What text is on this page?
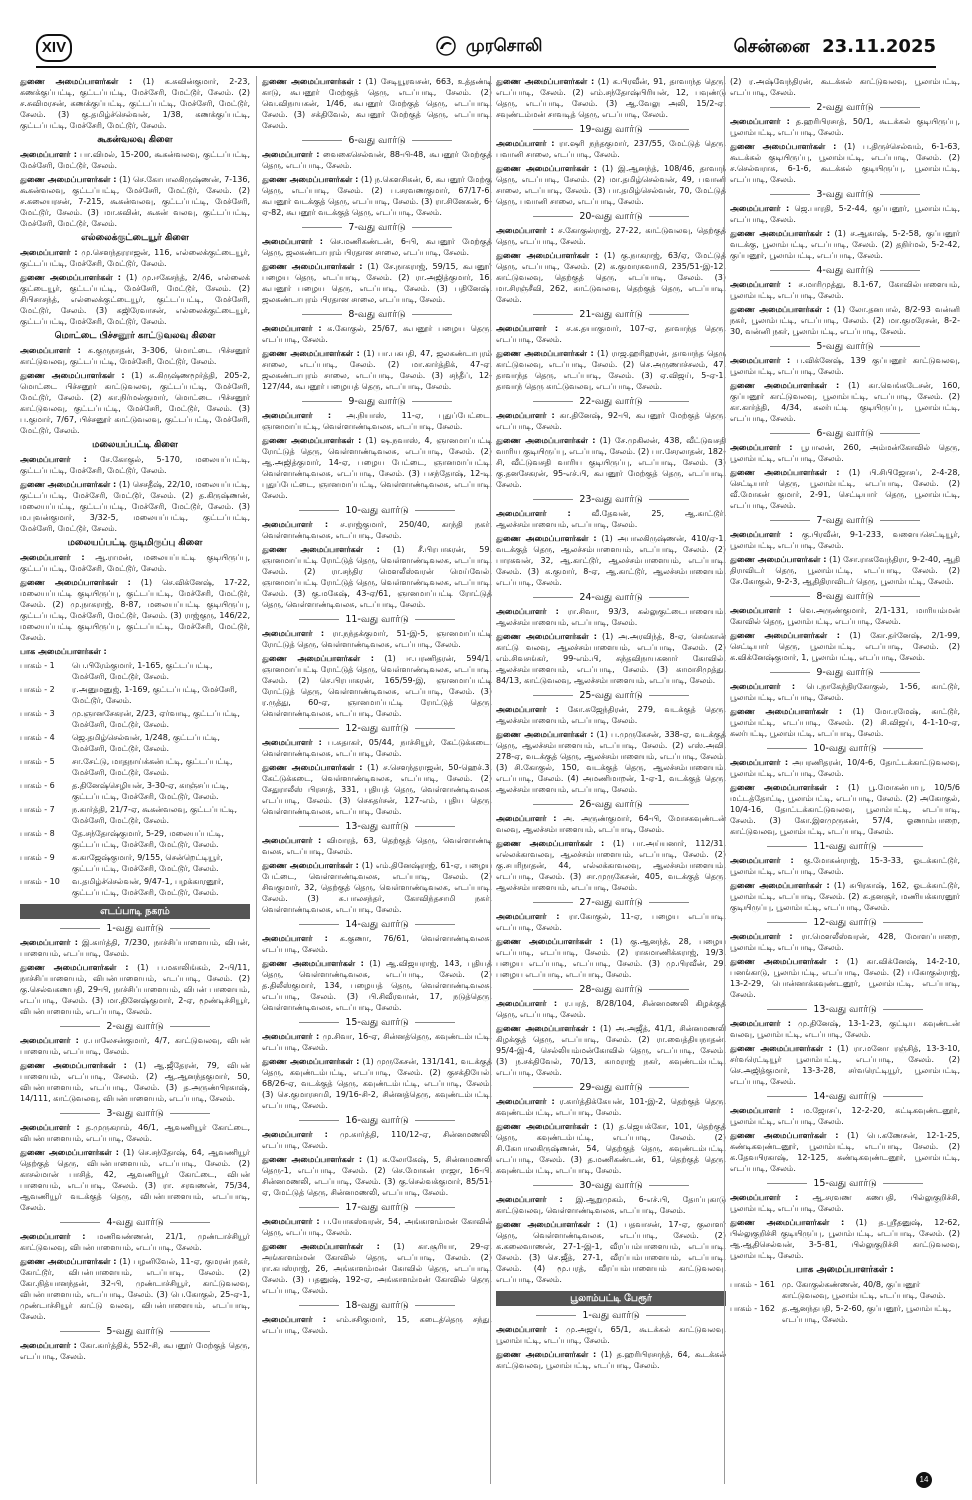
XIV	முரசொலி	சென்னை 23.11.2025

துணை அமைப்பாளர்கள் : (1) க.சுவின்குமார், 2-23, கணக்குப்பட்டி, குட்டப்பட்டி, மேச்சேரி, மேட்டூர், சேலம். (2) ச.சுவிமரசன், கணக்குப்பட்டி, குட்டப்பட்டி, மேச்சேரி, மேட்டூர், சேலம். (3) கு.தமிழ்ச்செல்வன், 1/38, கணக்குப்பட்டி, குட்டப்பட்டி, மேச்சேரி, மேட்டூர், சேலம்.

கூகன்வலவு கிளை

அமைப்பாளர் : பா.விமல், 15-200, கூகன்வலவு, குட்டப்பட்டி, மேச்சேரி, மேட்டூர், சேலம்.

துணை அமைப்பாளர்கள் : (1) செ.கோபாலகிருஷ்ணன், 7-136, கூகன்வலவு, குட்டப்பட்டி, மேச்சேரி, மேட்டூர், சேலம். (2) ச.கலையரசன், 7-215, கூகன்வலவு, குட்டப்பட்டி, மேச்சேரி, மேட்டூர், சேலம். (3) மா.கவின், கூகன் வலவு, குட்டப்பட்டி, மேச்சேரி, மேட்டூர், சேலம்.

எல்லைக்குட்டையூர் கிளை

அமைப்பாளர் : மு.செளந்தரராஜன், 116, எல்லைக்குட்டையூர், குட்டப்பட்டி, மேச்சேரி, மேட்டூர், சேலம்.

துணை அமைப்பாளர்கள் : (1) மு.ஈகேசந்த், 2/46, எல்லைக் குட்டையூர், குட்டப்பட்டி, மேச்சேரி, மேட்டூர், சேலம். (2) சிபிசாசந்த், எல்லைக்குட்டையூர், குட்டப்பட்டி, மேச்சேரி, மேட்டூர், சேலம். (3) சுஜிரேவாசன், எல்லைக்குட்டையூர், குட்டப்பட்டி, மேச்சேரி, மேட்டூர், சேலம்.

மொட்டை பிச்சனூர் காட்டுவலவு கிளை

அமைப்பாளர் : சு.குருநாதன், 3-306, மொட்டை பிச்சனூர் காட்டுவலவு, குட்டப்பட்டி, மேச்சேரி, மேட்டூர், சேலம்.

துணை அமைப்பாளர்கள் : (1) சு.கிருஷ்ணமூர்த்தி, 205-2, மொட்டை பிச்சனூர் காட்டுவலவு, குட்டப்பட்டி, மேச்சேரி, மேட்டூர், சேலம். (2) கா.நிர்மல்குமார், மொட்டை பிச்சனூர் காட்டுவலவு, குட்டப்பட்டி, மேச்சேரி, மேட்டூர், சேலம். (3) ப.குமார், 7/67, பிச்சனூர் காட்டுவலவு, குட்டப்பட்டி, மேச்சேரி, மேட்டூர், சேலம்.

மலையப்பட்டி கிளை

அமைப்பாளர் : சே.கோகுல், 5-170, மலையப்பட்டி, குட்டப்பட்டி, மேச்சேரி, மேட்டூர், சேலம்.

துணை அமைப்பாளர்கள் : (1) செசதீஷ், 22/10, மலையப்பட்டி, குட்டப்பட்டி, மேச்சேரி, மேட்டூர், சேலம். (2) த.கிருஷ்ணன், மலையப்பட்டி, குட்டப்பட்டி, மேச்சேரி, மேட்டூர், சேலம். (3) ம.புவன்குமார், 3/32-5, மலையப்பட்டி, குட்டப்பட்டி, மேச்சேரி, மேட்டூர், சேலம்.

மலையப்பட்டி குடிமிருப்பு கிளை

அமைப்பாளர் : ஆ.ராமன், மலையப்பட்டி குடியிருப்பு, குட்டப்பட்டி, மேச்சேரி, மேட்டூர், சேலம்.

துணை அமைப்பாளர்கள் : (1) செ.விக்னேஷ், 17-22, மலையப்பட்டி குடியிருப்பு, குட்டப்பட்டி, மேச்சேரி, மேட்டூர், சேலம். (2) மு.நாகராஜ், 8-87, மலையப்பட்டி குடியிருப்பு, குட்டப்பட்டி, மேச்சேரி, மேட்டூர், சேலம். (3) ராஜ்குரு, 146/22, மலையப்பட்டி குடியிருப்பு, குட்டப்பட்டி, மேச்சேரி, மேட்டூர், சேலம்.

பாக அமைப்பாளர்கள் :

பாகம் - 1	பெ.பிரேம்குமார், 1-165, குட்டப்பட்டி, மேச்சேரி, மேட்டூர், சேலம்.
பாகம் - 2	ர.அனுமனுஜ், 1-169, குட்டப்பட்டி, மேச்சேரி, மேட்டூர், சேலம்.
பாகம் - 3	மு.ஞானசேகரன், 2/23, ஏர்வாடி, குட்டப்பட்டி, மேச்சேரி, மேட்டூர், சேலம்.
பாகம் - 4	ஜெ.தமிழ்செல்வன், 1/248, குட்டப்பட்டி, மேச்சேரி, மேட்டூர், சேலம்.
பாகம் - 5	சா.சேட்டு, மாதநாய்க்கன்பட்டி, குட்டப்பட்டி, மேச்சேரி, மேட்டூர், சேலம்.
பாகம் - 6	த.தினேஷ்செழியன், 3-30-ஏ, காஞ்சப்பட்டி, குட்டப்பட்டி, மேச்சேரி, மேட்டூர், சேலம்.
பாகம் - 7	ந.கார்த்தி, 21/7-ஏ, கூகன்வலவு, குட்டப்பட்டி, மேச்சேரி, மேட்டூர், சேலம்.
பாகம் - 8	தே.சந்தோஷ்குமார், 5-29, மலையப்பட்டி, குட்டப்பட்டி, மேச்சேரி, மேட்டூர், சேலம்.
பாகம் - 9	க.காஜேஷ்குமார், 9/155, சென்றெட்டியூர், குட்டப்பட்டி, மேச்சேரி, மேட்டூர், சேலம்.
பாகம் - 10	வ.தமிழ்ச்செல்வன், 9/47-1, பழக்காரனூர், குட்டப்பட்டி, மேச்சேரி, மேட்டூர், சேலம்.
எடப்பாடி நகரம்
1-வது வார்டு

அமைப்பாளர் : இ.கார்த்தி, 7/230, நாச்சிப்பாளையம், விபன், பாளையம், எடப்பாடி, சேலம்.

துணை அமைப்பாளர்கள் : (1) ப.மகாலிங்கம், 2-பி/11, நாச்சிப்பாளையம், விபன்பாளையம், எடப்பாடி, சேலம். (2) கு.செல்வகணபதி, 29-பி, நாச்சிப்பாளையம், விபன் பாளையம், எடப்பாடி, சேலம். (3) மா.தினேஷ்குமார், 2-ஏ, மூண்டிச்சியூர், விபன்பாளையம், எடப்பாடி, சேலம்.

2-வது வார்டு

அமைப்பாளர் : ர.பாலேசன்குமார், 4/7, காட்டுவலவு, விபன் பாளையம், எடப்பாடி, சேலம்.

துணை அமைப்பாளர்கள் : (1) ஆ.ஜீதேரன், 79, விபன் பாளையம், எடப்பாடி, சேலம். (2) ஆ.ஆனந்தகுமார், 50, விபன்பாளையம், எடப்பாடி, சேலம். (3) த.அருண்பிரகாஷ், 14/111, காட்டுவலவு, விபன்பாளையம், எடப்பாடி, சேலம்.

3-வது வார்டு

அமைப்பாளர் : த.முருகராம், 46/1, ஆவணியூர் கோட்டை, விபன்பாளையம், எடப்பாடி, சேலம்.

துணை அமைப்பாளர்கள் : (1) செ.சந்தோஷ், 64, ஆவணியூர் தெற்குத் தெரு, விபன்பாளையம், எடப்பாடி, சேலம். (2) காசல்மான் பாசித், 42, ஆவணியூர் கோட்டை, விபன் பாளையம், எடப்பாடி, சேலம். (3) ரா. சரவணன், 75/34, ஆவணியூர் வடக்குத் தெரு, விபன்பாளையம், எடப்பாடி, சேலம்.

4-வது வார்டு

அமைப்பாளர் : மணிவண்ணன், 21/1, முண்டாச்சியூர் காட்டுவலவு, விபன்பாளையம், எடப்பாடி, சேலம்.

துணை அமைப்பாளர்கள் : (1) பழனிவேல், 11-ஏ, குமரன் நகர், கோட்டூர், விபன்பாளையம், எடப்பாடி, சேலம். (2) கோ.நித்யானந்தன், 32-பி, முண்டாச்சியூர், காட்டுவலவு, விபன்பாளையம், எடப்பாடி, சேலம். (3) பெ.கோகுல், 25-ஏ-1, முண்டாச்சியூர் காட்டு வலவு, விபன்பாளையம், எடப்பாடி, சேலம்.

5-வது வார்டு

அமைப்பாளர் : கோ.கார்த்திக், 552-சி, கூபனூர் மேற்குத் தெரு, எடப்பாடி, சேலம்.

துணை அமைப்பாளர்கள் : (1) சேடியூரவசன், 663, உத்தண்டி காடு, கூபனூர் மேற்குத் தெரு, எடப்பாடி, சேலம். (2) வெ.விநாயகன், 1/46, கூபனூர் மேற்குத் தெரு, எடப்பாடி, சேலம். (3) சக்திவேல், கூபனூர் மேற்குத் தெரு, எடப்பாடி, சேலம்.

6-வது வார்டு

அமைப்பாளர் : வைகைசெல்வன், 88-பி-48, கூபனூர் மேற்குத் தெரு, எடப்பாடி, சேலம்.

துணை அமைப்பாளர்கள் : (1) ந.கௌசிகன், 6, கூபனூர் மேற்கு தெரு, எடப்பாடி, சேலம். (2) ப.சரவணகுமார், 67/17-6, கூபனூர் வடக்குத் தெரு, எடப்பாடி, சேலம். (3) ரா.சினேகன், 6-ஏ-82, கூபனூர் வடக்குத் தெரு, எடப்பாடி, சேலம்.

7-வது வார்டு

அமைப்பாளர் : செ.மணிகண்டன், 6-பி, கூபனூர் மேற்குத் தெரு, ஜலகண்டாபுரம் பிரதான சாலை, எடப்பாடி, சேலம்.

துணை அமைப்பாளர்கள் : (1) சே.நாகராஜ், 59/15, கூபனூர் பழைய தெரு, எடப்பாடி, சேலம். (2) ரா.அஜித்குமார், 16, கூபனூர் பழைய தெரு, எடப்பாடி, சேலம். (3) பதினேஷ், ஜலகண்டாபுரம் பிரதான சாலை, எடப்பாடி, சேலம்.

8-வது வார்டு

அமைப்பாளர் : க.கோகுல், 25/67, கூபனூர் பழைய தெரு, எடப்பாடி, சேலம்.

துணை அமைப்பாளர்கள் : (1) பா.பசுபதி, 47, ஜலகண்டாபுரம் சாலை, எடப்பாடி, சேலம். (2) மா.கார்த்திக், 47-ஏ, ஜலகண்டாபுரம் சாலை, எடப்பாடி, சேலம். (3) சந்தீப், 12-127/44, கூபனூர் பழையத் தெரு, எடப்பாடி, சேலம்.

9-வது வார்டு

அமைப்பாளர் : அ.நியாஸ், 11-ஏ, புதுப்பேட்டை, ஞானமாப்பட்டி, வெள்ளாண்டிவலசு, எடப்பாடி, சேலம்.

துணை அமைப்பாளர்கள் : (1) ஷ.நவாஸ், 4, ஞானமாப்பட்டி ரோட்டுத் தெரு, வெள்ளாண்டிவலசு, எடப்பாடி, சேலம். (2) ஆ.அஜித்குமார், 14-ஏ, பழைய பேட்டை, ஞானமாப்பட்டி, வெள்ளாண்டிவலசு, எடப்பாடி, சேலம். (3) பசந்தோஷ், 12-டி, புதுப்பேட்டை, ஞானமாப்பட்டி, வெள்ளாண்டிவலசு, எடப்பாடி, சேலம்.

10-வது வார்டு

அமைப்பாளர் : ச.ராஜ்குமார், 250/40, காந்தி நகர், வெள்ளாண்டிவலசு, எடப்பாடி, சேலம்.

துணை அமைப்பாளர்கள் : (1) சீ.பிரபாகரன், 59, ஞானமாப்பட்டி ரோட்டுத் தெரு, வெள்ளாண்டிவலசு, எடப்பாடி, சேலம். (2) ரா.சந்திர மௌலீஸ்வரன் மெய்வேல், ஞானமாப்பட்டி ரோட்டுத் தெரு, வெள்ளாண்டிவலசு, எடப்பாடி, சேலம். (3) கு.மகேஷ், 43-ஏ/61, ஞானமாப்பட்டி ரோட்டுத் தெரு, வெள்ளாண்டிவலசு, எடப்பாடி, சேலம்.

11-வது வார்டு

அமைப்பாளர் : ரா.நந்தக்குமார், 51-இ-5, ஞானமாப்பட்டி ரோட்டுத் தெரு, வெள்ளாண்டிவலசு, எடப்பாடி, சேலம்.

துணை அமைப்பாளர்கள் : (1) ஈ.பரணிதரன், 594/1, ஞானமாப்பட்டி ரோட்டுத் தெரு, வெள்ளாண்டிவலசு, எடப்பாடி, சேலம். (2) செ.பிரபாகரன், 165/59-இ, ஞானமாப்பட்டி ரோட்டுத் தெரு, வெள்ளாண்டிவலசு, எடப்பாடி, சேலம். (3) ர.ருத்து, 60-ஏ, ஞானமாப்பட்டி ரோட்டுத் தெரு, வெள்ளாண்டிவலசு, எடப்பாடி, சேலம்.

12-வது வார்டு

அமைப்பாளர் : ப.சுதாகர், 05/44, நாச்சியூர், கேட்டுக்கடை, வெள்ளாண்டிவலசு, எடப்பாடி, சேலம்.

துணை அமைப்பாளர்கள் : (1) ச.செளந்தராஜன், 50-ஹெச்.3, கேட்டுக்கடை, வெள்ளாண்டிவலசு, எடப்பாடி, சேலம். (2) சேதுராலீஸ் பிரசாத், 331, புதியத் தெரு, வெள்ளாண்டிவலசு, எடப்பாடி, சேலம். (3) செசுதர்சன், 127-எம், புதிய தெரு, வெள்ளாண்டிவலசு, எடப்பாடி, சேலம்.

13-வது வார்டு

அமைப்பாளர் : விமாரத், 63, தெற்குத் தெரு, வெள்ளாண்டி வலசு, எடப்பாடி, சேலம்.

துணை அமைப்பாளர்கள் : (1) எம்.தினேஷ்ராஜ், 61-ஏ, பழைய பேட்டை, வெள்ளாண்டிவலசு, எடப்பாடி, சேலம். (2) சிவகுமார், 32, தெற்குத் தெரு, வெள்ளாண்டிவலசு, எடப்பாடி, சேலம். (3) சு.பாலசந்தர், கோவிந்தசாமி நகர், வெள்ளாண்டிவலசு, எடப்பாடி, சேலம்.

14-வது வார்டு

அமைப்பாளர் : க.குணா, 76/61, வெள்ளாண்டிவலசு, எடப்பாடி, சேலம்.

துணை அமைப்பாளர்கள் : (1) ஆ.விஜயராஜ், 143, புதியத் தெரு, வெள்ளாண்டிவலசு, எடப்பாடி, சேலம். (2) த.திலீஸ்குமார், 134, பழையத் தெரு, வெள்ளாண்டிவலசு, எடப்பாடி, சேலம். (3) பி.சிவீரவான், 17, நடுத்தெரு, வெள்ளாண்டிவலசு, எடப்பாடி, சேலம்.

15-வது வார்டு

அமைப்பாளர் : மு.சிவா, 16-ஏ, சின்னத்தெரு, கவுண்டம்பட்டி, எடப்பாடி, சேலம்.

துணை அமைப்பாளர்கள் : (1) முருகேசன், 131/141, வடக்குத் தெரு, கவுண்டம்பட்டி, எடப்பாடி, சேலம். (2) குசக்தியேல், 68/26-ஏ, வடக்குத் தெரு, கவுண்டம்பட்டி, எடப்பாடி, சேலம். (3) செ.குமாரசாமி, 19/16-சி-2, சின்னத்தெரு, கவுண்டம்பட்டி, எடப்பாடி, சேலம்.

16-வது வார்டு

அமைப்பாளர் : மு.கார்த்தி, 110/12-ஏ, சின்னமணலி, எடப்பாடி, சேலம்.

துணை அமைப்பாளர்கள் : (1) க.லோகேஷ், 5, சின்னமணலி தெரு-1, எடப்பாடி, சேலம். (2) செ.மோகன் ராஜா, 16-பி, சின்னமணலி, எடப்பாடி, சேலம். (3) கு.செல்வக்குமார், 85/51-ஏ, மேட்டுத் தெரு, சின்னமணலி, எடப்பாடி, சேலம்.

17-வது வார்டு

அமைப்பாளர் : ப.யோகஸ்வரன், 54, அங்காளம்மன் கோவில் தெரு, எடப்பாடி, சேலம்.

துணை அமைப்பாளர்கள் : (1) கா.சூரியா, 29-ஏ, அங்காளம்மன் கோவில் தெரு, எடப்பாடி, சேலம். (2) ரா.கபஸ்ராஜ், 26, அங்காளம்மன் கோவில் தெரு, எடப்பாடி, சேலம். (3) பதனுஷ், 192-ஏ, அங்காளம்மன் கோவில் தெரு, எடப்பாடி, சேலம்.

18-வது வார்டு

அமைப்பாளர் : எம்.சசிகுமார், 15, கடைத்தெரு சந்து, எடப்பாடி, சேலம்.

துணை அமைப்பாளர்கள் : (1) க.பிரவீன், 91, தாவாந்த தெரு, எடப்பாடி, சேலம். (2) எம்.சந்தோஷ்பிரியன், 12, பவுண்டு தெரு, எடப்பாடி, சேலம். (3) ஆ.வேலு அலி, 15/2-ஏ, சவுண்டம்மன் சாவடித் தெரு, எடப்பாடி, சேலம்.

19-வது வார்டு

அமைப்பாளர் : ரா.ஷரி நந்தகுமார், 237/55, மேட்டுத் தெரு, பவானி சாலை, எடப்பாடி, சேலம்.

துணை அமைப்பாளர்கள் : (1) இ.ஆனந்த், 108/46, தாவாந் தெரு, எடப்பாடி, சேலம். (2) மா.தமிழ்செல்வன், 49, பவானி சாலை, எடப்பாடி, சேலம். (3) பா.தமிழ்செல்வன், 70, மேட்டுத் தெரு, பவானி சாலை, எடப்பாடி, சேலம்.

20-வது வார்டு

அமைப்பாளர் : ச.கோகுல்ராஜ், 27-22, காட்டுவலவு, தெற்குத் தெரு, எடப்பாடி, சேலம்.

துணை அமைப்பாளர்கள் : (1) கு.நாகராஜ், 63/ஏ, மேட்டுத் தெரு, எடப்பாடி, சேலம். (2) க.குமாரசுவாமி, 235/51-இ-12, காட்டுவலவு, தெற்குத் தெரு, எடப்பாடி, சேலம். (3) மா.சிரஞ்சீவி, 262, காட்டுவலவு, தெற்குத் தெரு, எடப்பாடி, சேலம்.

21-வது வார்டு

அமைப்பாளர் : ச.க.தயாகுமார், 107-ஏ, தாவாந்த தெரு, எடப்பாடி, சேலம்.

துணை அமைப்பாளர்கள் : (1) ராஜ.ஹரிஹரன், தாவாந்த தெரு காட்டுவலவு, எடப்பாடி, சேலம். (2) செ.அருணாச்சலம், 47, தாவாந்த தெரு, எடப்பாடி, சேலம். (3) ஏ.விஜய், 5-ஏ-1, தாவாந் தெரு காட்டுவலவு, எடப்பாடி, சேலம்.

22-வது வார்டு

அமைப்பாளர் : கா.தினேஷ், 92-பி, கூபனூர் மேற்குத் தெரு, எடப்பாடி, சேலம்.

துணை அமைப்பாளர்கள் : (1) சே.முகிலன், 438, வீட்டுவசதி வாரிய குடியிருப்பு, எடப்பாடி, சேலம். (2) பா.சேரலாதன், 182-சி, வீட்டுவசதி வாரிய குடியிருப்பு, எடப்பாடி, சேலம். (3) கு.தனசேகரன், 95-எச்.பி, கூபனூர் மேற்குத் தெரு, எடப்பாடி, சேலம்.

23-வது வார்டு

அமைப்பாளர் :	வீ.தேவன், 25, ஆ.காட்டூர், ஆலச்சம்பாளையம், எடப்பாடி, சேலம்.

துணை அமைப்பாளர்கள் : (1) அபாலகிருஷ்ணன், 410/ஏ-1, வடக்குத் தெரு, ஆலச்சம்பாளையம், எடப்பாடி, சேலம். (2) பாரகவன், 32, ஆ.காட்டூர், ஆலச்சம்பாளையம், எடப்பாடி, சேலம். (3) க.குமார், 8-ஏ, ஆ.காட்டூர், ஆலச்சம்பாளையம், எடப்பாடி, சேலம்.

24-வது வார்டு

அமைப்பாளர் : ரா.சிவா, 93/3, கல்லுகுட்டைபாளையம், ஆலச்சம்பாளையம், எடப்பாடி, சேலம்.

துணை அமைப்பாளர்கள் : (1) அ.அரவிந்த், 8-ஏ, செங்கான் காட்டு வலவு, ஆலச்சம்பாளையம், எடப்பாடி, சேலம். (2) எம்.சிவசங்கர், 99-எம்.பி, சுந்தவிநாயகனார் கோவில், ஆலச்சம்பாளையம், எடப்பாடி, சேலம். (3) காமாசிமுத்து, 84/13, காட்டுவலவு, ஆலச்சம்பாளையம், எடப்பாடி, சேலம்.

25-வது வார்டு

அமைப்பாளர் : கோ.சுஜேந்திரன், 279, வடக்குத் தெரு, ஆலச்சம்பாளையம், எடப்பாடி, சேலம்.

துணை அமைப்பாளர்கள் : (1) ப.முருகேசன், 338-ஏ, வடக்குத் தெரு, ஆலச்சம்பாளையம், எடப்பாடி, சேலம். (2) எஸ்.அவி, 278-ஏ, வடக்குத் தெரு, ஆலச்சம்பாளையம், எடப்பாடி, சேலம். (3) சி.கோகுல், 150, வடக்குத் தெரு, ஆலச்சம்பாளையம், எடப்பாடி, சேலம். (4) அமணிமாறன், 1-ஏ-1, வடக்குத் தெரு, ஆலச்சம்பாளையம், எடப்பாடி, சேலம்.

26-வது வார்டு

அமைப்பாளர் : அ. அருண்குமார், 64-பி, மோசகவுண்டன் வலவு, ஆலச்சம்பாளையம், எடப்பாடி, சேலம்.

துணை அமைப்பாளர்கள் : (1) பா.அய்யனார், 112/31, எல்லக்காவலவு, ஆலச்சம்பாளையம், எடப்பாடி, சேலம். (2) கு.சபரிநாதன், 44, எல்லக்காவலவு, ஆலச்சம்பாளையம், எடப்பாடி, சேலம். (3) சா.முருகேசன், 405, வடக்குத் தெரு, ஆலச்சம்பாளையம், எடப்பாடி, சேலம்.

27-வது வார்டு

அமைப்பாளர் : ரா.கோகுல், 11-ஏ, பழைய எடப்பாடி, எடப்பாடி, சேலம்.

துணை அமைப்பாளர்கள் : (1) கு.ஆனந்த், 28, பழைய எடப்பாடி, எடப்பாடி, சேலம். (2) ராசுமாணிக்கராஜ், 19/3, பழைய எடப்பாடி, எடப்பாடி, சேலம். (3) மு.பிரவீன், 29, பழைய எடப்பாடி, எடப்பாடி, சேலம்.

28-வது வார்டு

அமைப்பாளர் : ர.பரத், 8/28/104, சின்னமணலி கிழக்குத் தெரு, எடப்பாடி, சேலம்.

துணை அமைப்பாளர்கள் : (1) அ.அஜீத், 41/1, சின்னமணலி கிழக்குத் தெரு, எடப்பாடி, சேலம். (2) ரா.வைத்தியநாதன், 95/4-இ-4, செல்லியம்மன்கோவில் தெரு, எடப்பாடி, சேலம். (3) ந.சக்திவேல், 70/13, காமராஜ் நகர், கவுண்டம்பட்டி, எடப்பாடி, சேலம்.

29-வது வார்டு

அமைப்பாளர் : ர.கார்த்திக்கேயன், 101-இ-2, தெற்குத் தெரு, கவுண்டம்பட்டி, எடப்பாடி, சேலம்.

துணை அமைப்பாளர்கள் : (1) த.ஜெயக்கோ, 101, தெற்குத் தெரு, கவுண்டம்பட்டி, எடப்பாடி, சேலம். (2) சி.கோபாலகிருஷ்ணன், 54, தெற்குத் தெரு, கவுண்டம்பட்டி, எடப்பாடி, சேலம். (3) த.மணிகண்டன், 61, தெற்குத் தெரு, கவுண்டம்பட்டி, எடப்பாடி, சேலம்.

30-வது வார்டு

அமைப்பாளர் : இ.ஆறுமுகம், 6-எச்.பி, தோப்புகாடு காட்டுவலவு, வெள்ளாண்டிவலசு, எடப்பாடி, சேலம்.

துணை அமைப்பாளர்கள் : (1) பதவாசன், 17-ஏ, குலாளர் தெரு, வெள்ளாண்டிவலசு, எடப்பாடி, சேலம். (2) க.கலைவாணன், 27-1-இ-1, வீரப்பம்பாளையம், எடப்பாடி, சேலம். (3) செ.ஜீத், 27-1, வீரப்பம்பாளையம், எடப்பாடி, சேலம். (4) மூ.பரத், வீரப்பம்பாளையம் காட்டுவலவு, எடப்பாடி, சேலம்.

பூலாம்பட்டி பேரூர்
1-வது வார்டு

அமைப்பாளர் : மு.அஜய், 65/1, கூடக்கல் காட்டுவலவு, பூலாம்பட்டி, எடப்பாடி, சேலம்.

துணை அமைப்பாளர்கள் : (1) த.ஹரிபிரசாந்த், 64, கூடக்கல் காட்டுவலவு, பூலாம்பட்டி, எடப்பாடி, சேலம்.

(2) ர.அஷ்வேந்திரன், கூடக்கல் காட்டுவலவு, பூலாம்பட்டி, எடப்பாடி, சேலம்.

2-வது வார்டு

அமைப்பாளர் : த.ஹரிபிரசாத், 50/1, கூடக்கல் குடியிருப்பு, பூலாம்பட்டி, எடப்பாடி, சேலம்.

துணை அமைப்பாளர்கள் : (1) ப.திருச்செல்வம், 6-1-63, கூடக்கல் குடியிருப்பு, பூலாம்பட்டி, எடப்பாடி, சேலம். (2) ச.செல்வராசு, 6-1-6, கூடக்கல் குடியிருப்பு, பூலாம்பட்டி, எடப்பாடி, சேலம்.

3-வது வார்டு

அமைப்பாளர் : ஜெ.பாரதி, 5-2-44, குப்பனூர், பூலாம்பட்டி, எடப்பாடி, சேலம்.

துணை அமைப்பாளர்கள் : (1) ச.ஆகாஷ், 5-2-58, குப்பனூர் வடக்கு, பூலாம்பட்டி, எடப்பாடி, சேலம். (2) தநிர்மல், 5-2-42, குப்பனூர், பூலாம்பட்டி, எடப்பாடி, சேலம்.

4-வது வார்டு

அமைப்பாளர் : ச.மாரிமுத்து, 8.1-67, கோவில்பாளையம், பூலாம்பட்டி, எடப்பாடி, சேலம்.

துணை அமைப்பாளர்கள் : (1) லோ.தனபால், 8/2-93 வன்னி நகர், பூலாம்பட்டி, எடப்பாடி, சேலம். (2) மா.குமரேசன், 8-2-30, வன்னி நகர், பூலாம்பட்டி, எடப்பாடி, சேலம்.

5-வது வார்டு

அமைப்பாளர் : ப.விக்னேஷ், 139 குப்பனூர் காட்டுவலவு, பூலாம்பட்டி, எடப்பாடி, சேலம்.

துணை அமைப்பாளர்கள் : (1) கா.வெங்கடேசன், 160, குப்பனூர் காட்டுவலவு, பூலாம்பட்டி, எடப்பாடி, சேலம். (2) கா.கார்த்தி, 4/34, கலர்பட்டி குடியிருப்பு, பூலாம்பட்டி, எடப்பாடி, சேலம்.

6-வது வார்டு

அமைப்பாளர் : பூபாலன், 260, அம்மன்கோவில் தெரு, பூலாம்பட்டி, எடப்பாடி, சேலம்.

துணை அமைப்பாளர்கள் : (1) பி.சிபிஜோசப், 2-4-28, செட்டியார் தெரு, பூலாம்பட்டி, எடப்பாடி, சேலம். (2) வீ.மோகன் குமார், 2-91, செட்டியார் தெரு, பூலாம்பட்டி, எடப்பாடி, சேலம்.

7-வது வார்டு

அமைப்பாளர் : கு.பிரவீன், 9-1-233, வளையசெட்டியூர், பூலாம்பட்டி, எடப்பாடி, சேலம்.

துணை அமைப்பாளர்கள் : (1) சோ.ராகவேந்திரா, 9-2-40, ஆதி திராவிடர் தெரு, பூலாம்பட்டி, எடப்பாடி, சேலம். (2) சே.கோகுல், 9-2-3, ஆதிதிராவிடர் தெரு, பூலாம்பட்டி, சேலம்.

8-வது வார்டு

அமைப்பாளர் : வெ.அருண்குமார், 2/1-131, மாரியம்மன் கோவில் தெரு, பூலாம்பட்டி, எடப்பாடி, சேலம்.

துணை அமைப்பாளர்கள் : (1) கோ.தர்னேஷ், 2/1-99, செட்டியார் தெரு, பூலாம்பட்டி, எடப்பாடி, சேலம். (2) க.விக்னேஷ்குமார், 1, பூலாம்பட்டி, எடப்பாடி, சேலம்.

9-வது வார்டு

அமைப்பாளர் : பெ.நாகேந்திரகோகுல், 1-56, காட்டூர், பூலாம்பட்டி, எடப்பாடி, சேலம்.

துணை அமைப்பாளர்கள் : (1) மோ.ரமேஷ், காட்டூர், பூலாம்பட்டி, எடப்பாடி, சேலம். (2) சி.விஜய், 4-1-10-ஏ, கலர்பட்டி, பூலாம்பட்டி, எடப்பாடி, சேலம்.

10-வது வார்டு

அமைப்பாளர் : அபரணிதரன், 10/4-6, தோட்டக்காட்டுவலவு, பூலாம்பட்டி, எடப்பாடி, சேலம்.

துணை அமைப்பாளர்கள் : (1) பூ.மோகன்பாபு, 10/5/6 மட்டத்தோட்டி, பூலாம்பட்டி, எடப்பாடி, சேலம். (2) அகோகுல், 10/4-16, தோட்டக்காட்டுவலவு, பூலாம்பட்டி, எடப்பாடி, சேலம். (3) கோ.இளமுருகன், 57/4, ஓணாம்பாறை, காட்டுவலவு, பூலாம்பட்டி, எடப்பாடி, சேலம்.

11-வது வார்டு

அமைப்பாளர் : கு.மோகன்ராஜ், 15-3-33, ஓடக்காட்டூர், பூலாம்பட்டி, எடப்பாடி, சேலம்.

துணை அமைப்பாளர்கள் : (1) சுபிரகாஷ், 162, ஓடக்காட்டூர், பூலாம்பட்டி, எடப்பாடி, சேலம். (2) சு.தனசூர், மணியக்காரனூர் குடியிருப்பு, பூலாம்பட்டி, எடப்பாடி, சேலம்.

12-வது வார்டு

அமைப்பாளர் : ரா.மௌலீஸ்வரன், 428, மோளப்பாறை, பூலாம்பட்டி, எடப்பாடி, சேலம்.

துணை அமைப்பாளர்கள் : (1) கா.விக்னேஷ், 14-2-10, பனங்காடு, பூலாம்பட்டி, எடப்பாடி, சேலம். (2) பகோகுல்ராஜ், 13-2-29, பொன்னாக்கவுண்டனூர், பூலாம்பட்டி, எடப்பாடி, சேலம்.

13-வது வார்டு

அமைப்பாளர் : மு.தினேஷ், 13-1-23, குட்டிய கவுண்டன் வலவு, பூலாம்பட்டி, எடப்பாடி, சேலம்.

துணை அமைப்பாளர்கள் : (1) ரா.மனோ ரஞ்சித், 13-3-10, சர்வரெட்டியூர் பூலாம்பட்டி, எடப்பாடி, சேலம். (2) செ.அஜித்குமார், 13-3-28, சர்வரெட்டியூர், பூலாம்பட்டி, எடப்பாடி, சேலம்.

14-வது வார்டு

அமைப்பாளர் : ம.ஜோசப், 12-2-20, கட்டிகவுண்டனூர், பூலாம்பட்டி, எடப்பாடி, சேலம்.

துணை அமைப்பாளர்கள் : (1) பெ.கணேசன், 12-1-25, கண்டிகவுண்டனூர், பூலாம்பட்டி, எடப்பாடி, சேலம். (2) க.தேவபிரகாஷ், 12-125, கண்டிகவுண்டனூர், பூலாம்பட்டி, எடப்பாடி, சேலம்.

15-வது வார்டு

அமைப்பாளர் : ஆ.சரவண கணபதி, பில்லுகுறிச்சி, பூலாம்பட்டி, எடப்பாடி, சேலம்.

துணை அமைப்பாளர்கள் : (1) த.ஸ்ரீதனுஷ், 12-62, பில்லுகுறிச்சி குடியிருப்பு, பூலாம்பட்டி, எடப்பாடி, சேலம். (2) ஆ.ஆதிசெல்வன், 3-5-81, பில்லுகுறிச்சி காட்டுவலவு, பூலாம்பட்டி, சேலம்.

பாக அமைப்பாளர்கள் :
பாகம் - 161 மு. கோகுல்கண்ணன், 40/8, குப்பனூர் காட்டுவலவு, பூலாம்பட்டி, எடப்பாடி, சேலம்.
பாகம் - 162 த.ஆனந்தபதி, 5-2-60, குப்பனூர், பூலாம்பட்டி, எடப்பாடி, சேலம்.
14
